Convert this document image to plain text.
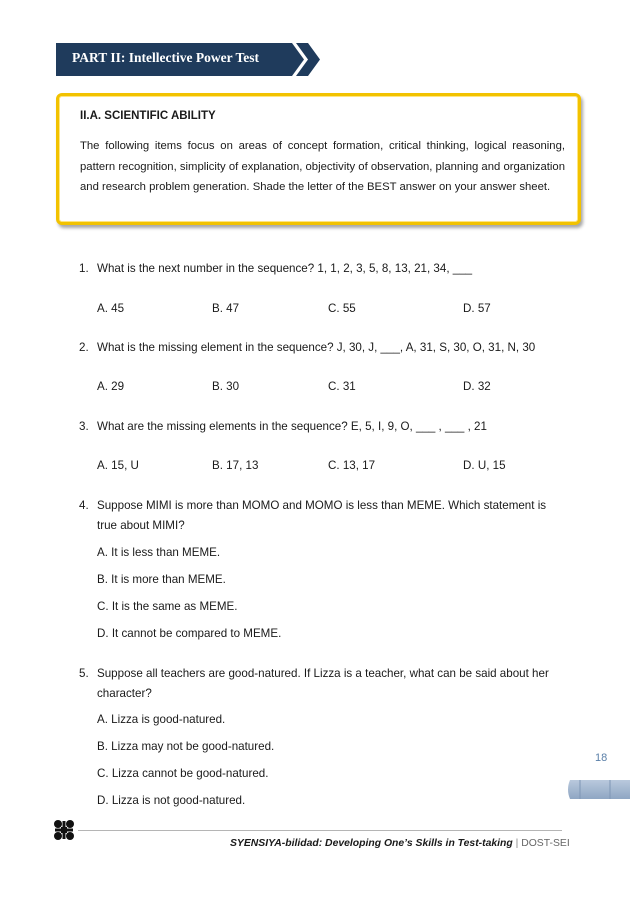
PART II: Intellective Power Test
II.A. SCIENTIFIC ABILITY
The following items focus on areas of concept formation, critical thinking, logical reasoning, pattern recognition, simplicity of explanation, objectivity of observation, planning and organization and research problem generation. Shade the letter of the BEST answer on your answer sheet.
1. What is the next number in the sequence? 1, 1, 2, 3, 5, 8, 13, 21, 34, ___
A. 45	B. 47	C. 55	D. 57
2. What is the missing element in the sequence? J, 30, J, ___, A, 31, S, 30, O, 31, N, 30
A. 29	B. 30	C. 31	D. 32
3. What are the missing elements in the sequence? E, 5, I, 9, O, ___ , ___ , 21
A. 15, U	B. 17, 13	C. 13, 17	D. U, 15
4. Suppose MIMI is more than MOMO and MOMO is less than MEME. Which statement is
true about MIMI?
A. It is less than MEME.
B. It is more than MEME.
C. It is the same as MEME.
D. It cannot be compared to MEME.
5. Suppose all teachers are good-natured. If Lizza is a teacher, what can be said about her
character?
A. Lizza is good-natured.
B. Lizza may not be good-natured.
C. Lizza cannot be good-natured.
D. Lizza is not good-natured.
18
SYENSIYA-bilidad: Developing One’s Skills in Test-taking | DOST-SEI
